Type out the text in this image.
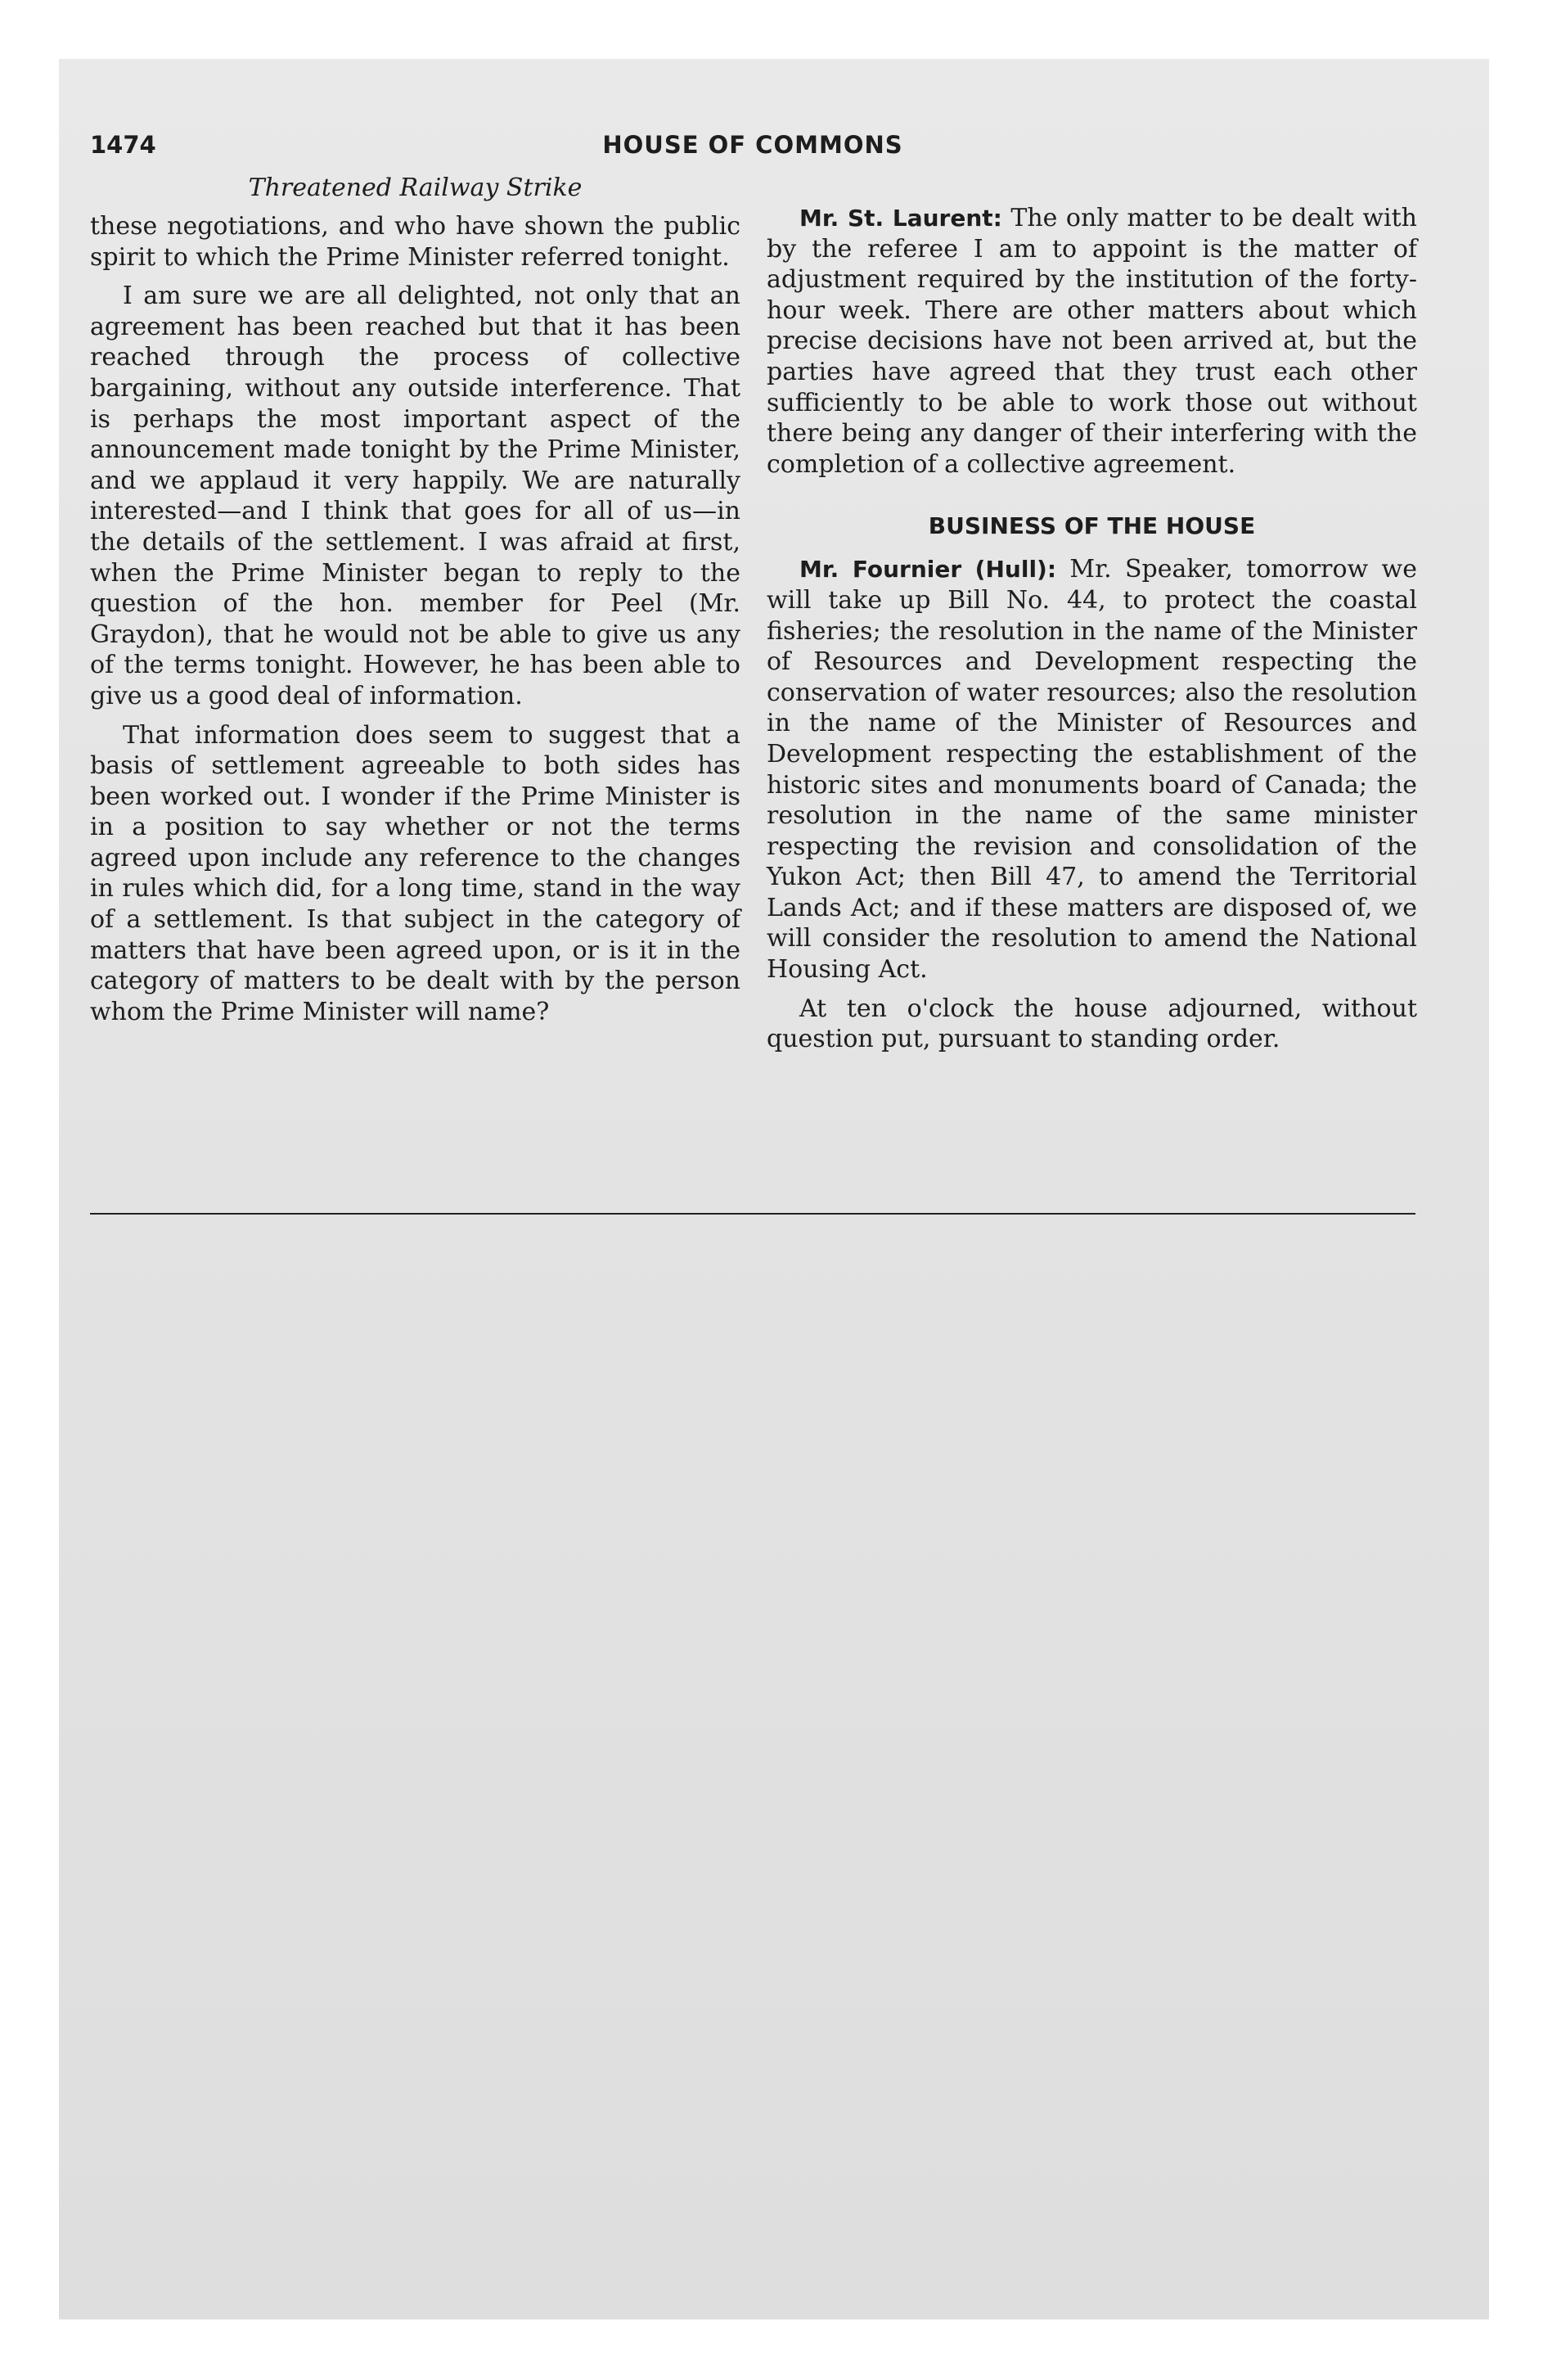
1474	HOUSE OF COMMONS
Threatened Railway Strike

these negotiations, and who have shown the public spirit to which the Prime Minister referred tonight.

I am sure we are all delighted, not only that an agreement has been reached but that it has been reached through the process of collective bargaining, without any outside interference. That is perhaps the most important aspect of the announcement made tonight by the Prime Minister, and we applaud it very happily. We are naturally interested—and I think that goes for all of us—in the details of the settlement. I was afraid at first, when the Prime Minister began to reply to the question of the hon. member for Peel (Mr. Graydon), that he would not be able to give us any of the terms tonight. However, he has been able to give us a good deal of information.

That information does seem to suggest that a basis of settlement agreeable to both sides has been worked out. I wonder if the Prime Minister is in a position to say whether or not the terms agreed upon include any reference to the changes in rules which did, for a long time, stand in the way of a settlement. Is that subject in the category of matters that have been agreed upon, or is it in the category of matters to be dealt with by the person whom the Prime Minister will name?

Mr. St. Laurent: The only matter to be dealt with by the referee I am to appoint is the matter of adjustment required by the institution of the forty-hour week. There are other matters about which precise decisions have not been arrived at, but the parties have agreed that they trust each other sufficiently to be able to work those out without there being any danger of their interfering with the completion of a collective agreement.

BUSINESS OF THE HOUSE

Mr. Fournier (Hull): Mr. Speaker, tomorrow we will take up Bill No. 44, to protect the coastal fisheries; the resolution in the name of the Minister of Resources and Development respecting the conservation of water resources; also the resolution in the name of the Minister of Resources and Development respecting the establishment of the historic sites and monuments board of Canada; the resolution in the name of the same minister respecting the revision and consolidation of the Yukon Act; then Bill 47, to amend the Territorial Lands Act; and if these matters are disposed of, we will consider the resolution to amend the National Housing Act.

At ten o'clock the house adjourned, without question put, pursuant to standing order.
